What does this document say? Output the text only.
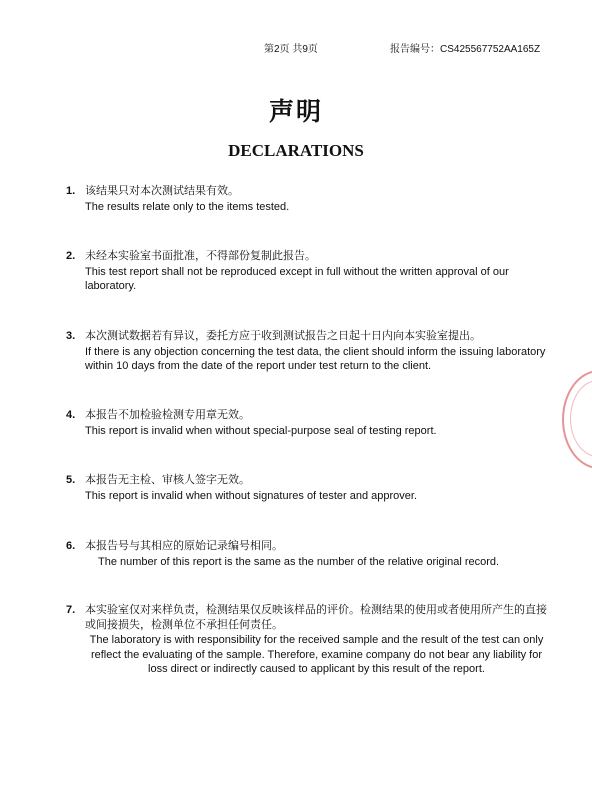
第2页 共9页	报告编号：CS425567752AA165Z
声明
DECLARATIONS
1. 该结果只对本次测试结果有效。
The results relate only to the items tested.
2. 未经本实验室书面批准，不得部份复制此报告。
This test report shall not be reproduced except in full without the written approval of our laboratory.
3. 本次测试数据若有异议，委托方应于收到测试报告之日起十日内向本实验室提出。
If there is any objection concerning the test data, the client should inform the issuing laboratory within 10 days from the date of the report under test return to the client.
4. 本报告不加检验检测专用章无效。
This report is invalid when without special-purpose seal of testing report.
5. 本报告无主检、审核人签字无效。
This report is invalid when without signatures of tester and approver.
6. 本报告号与其相应的原始记录编号相同。
The number of this report is the same as the number of the relative original record.
7. 本实验室仅对来样负责，检测结果仅反映该样品的评价。检测结果的使用或者使用所产生的直接或间接损失，检测单位不承担任何责任。
The laboratory is with responsibility for the received sample and the result of the test can only reflect the evaluating of the sample. Therefore, examine company do not bear any liability for loss direct or indirectly caused to applicant by this result of the report.
